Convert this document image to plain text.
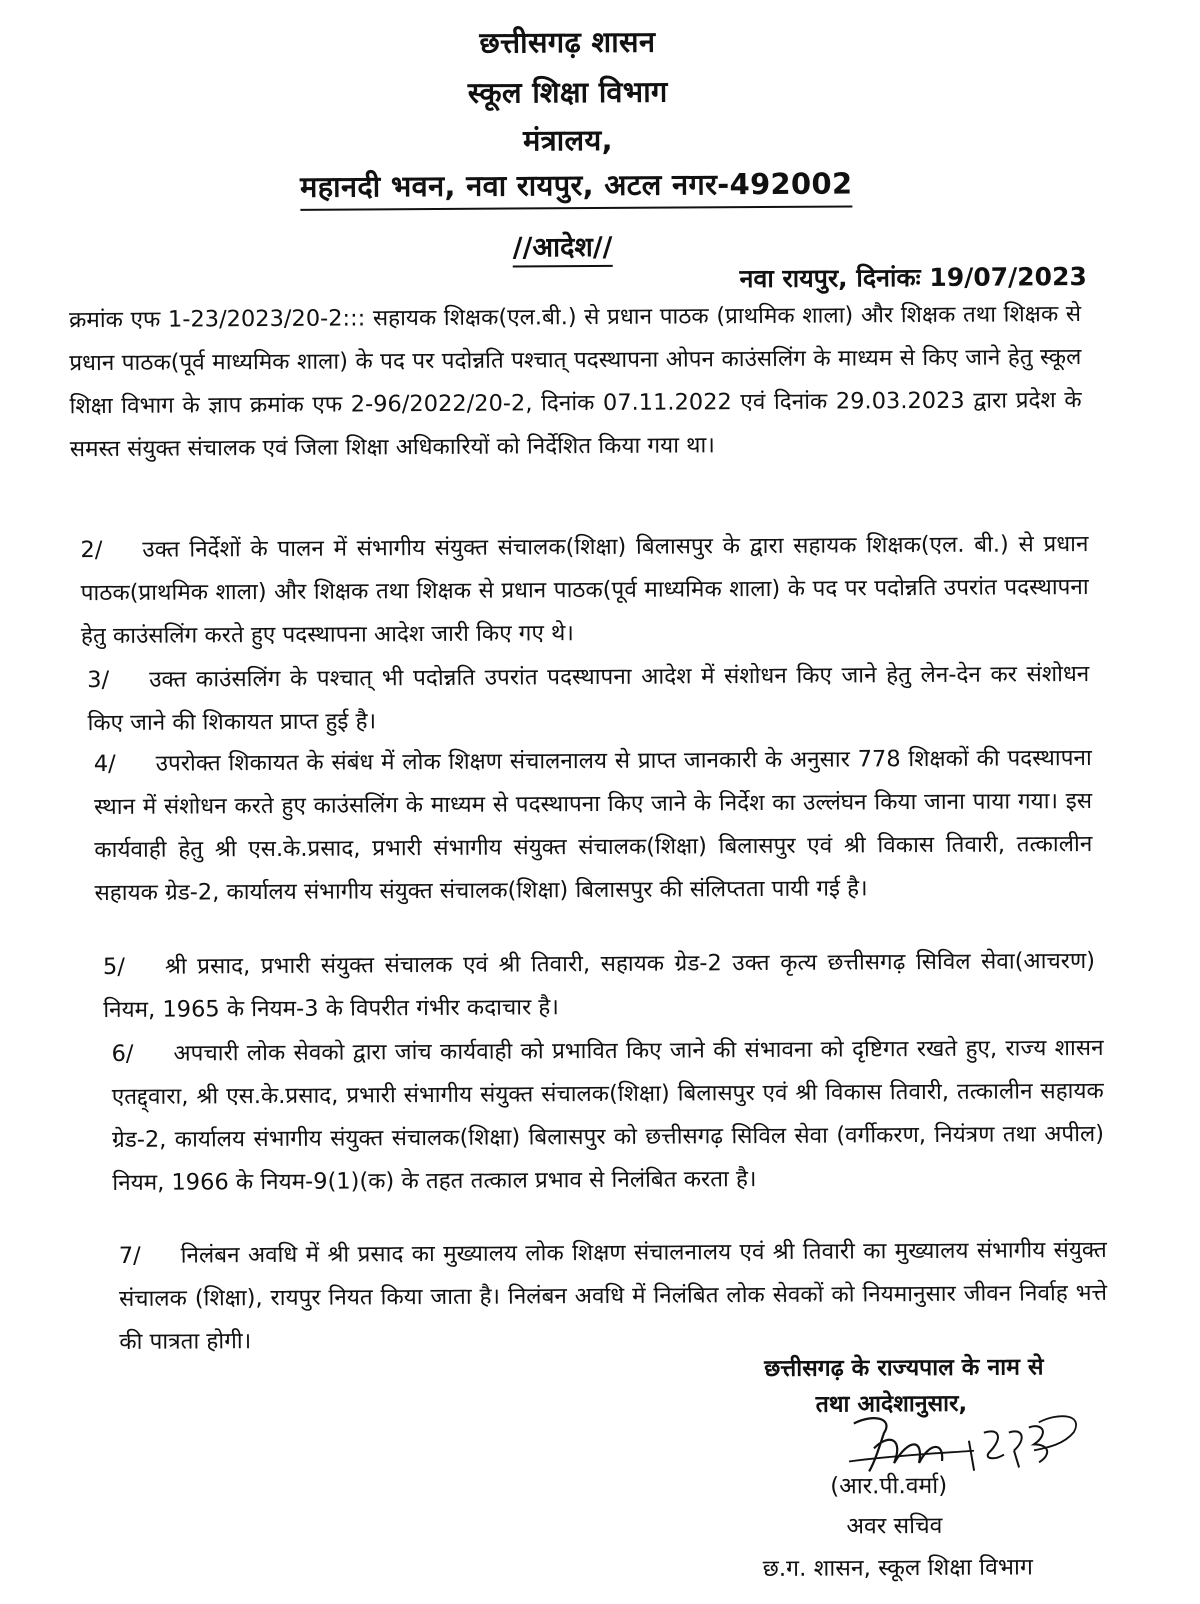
छत्तीसगढ़ शासन
स्कूल शिक्षा विभाग
मंत्रालय,
महानदी भवन, नवा रायपुर, अटल नगर-492002
//आदेश//
नवा रायपुर, दिनांकः 19/07/2023
क्रमांक एफ 1-23/2023/20-2::: सहायक शिक्षक(एल.बी.) से प्रधान पाठक (प्राथमिक शाला) और शिक्षक तथा शिक्षक से प्रधान पाठक(पूर्व माध्यमिक शाला) के पद पर पदोन्नति पश्चात् पदस्थापना ओपन काउंसलिंग के माध्यम से किए जाने हेतु स्कूल शिक्षा विभाग के ज्ञाप क्रमांक एफ 2-96/2022/20-2, दिनांक 07.11.2022 एवं दिनांक 29.03.2023 द्वारा प्रदेश के समस्त संयुक्त संचालक एवं जिला शिक्षा अधिकारियों को निर्देशित किया गया था।
2/ उक्त निर्देशों के पालन में संभागीय संयुक्त संचालक(शिक्षा) बिलासपुर के द्वारा सहायक शिक्षक(एल. बी.) से प्रधान पाठक(प्राथमिक शाला) और शिक्षक तथा शिक्षक से प्रधान पाठक(पूर्व माध्यमिक शाला) के पद पर पदोन्नति उपरांत पदस्थापना हेतु काउंसलिंग करते हुए पदस्थापना आदेश जारी किए गए थे।
3/ उक्त काउंसलिंग के पश्चात् भी पदोन्नति उपरांत पदस्थापना आदेश में संशोधन किए जाने हेतु लेन-देन कर संशोधन किए जाने की शिकायत प्राप्त हुई है।
4/ उपरोक्त शिकायत के संबंध में लोक शिक्षण संचालनालय से प्राप्त जानकारी के अनुसार 778 शिक्षकों की पदस्थापना स्थान में संशोधन करते हुए काउंसलिंग के माध्यम से पदस्थापना किए जाने के निर्देश का उल्लंघन किया जाना पाया गया। इस कार्यवाही हेतु श्री एस.के.प्रसाद, प्रभारी संभागीय संयुक्त संचालक(शिक्षा) बिलासपुर एवं श्री विकास तिवारी, तत्कालीन सहायक ग्रेड-2, कार्यालय संभागीय संयुक्त संचालक(शिक्षा) बिलासपुर की संलिप्तता पायी गई है।
5/ श्री प्रसाद, प्रभारी संयुक्त संचालक एवं श्री तिवारी, सहायक ग्रेड-2 उक्त कृत्य छत्तीसगढ़ सिविल सेवा(आचरण) नियम, 1965 के नियम-3 के विपरीत गंभीर कदाचार है।
6/ अपचारी लोक सेवको द्वारा जांच कार्यवाही को प्रभावित किए जाने की संभावना को दृष्टिगत रखते हुए, राज्य शासन एतद्द्वारा, श्री एस.के.प्रसाद, प्रभारी संभागीय संयुक्त संचालक(शिक्षा) बिलासपुर एवं श्री विकास तिवारी, तत्कालीन सहायक ग्रेड-2, कार्यालय संभागीय संयुक्त संचालक(शिक्षा) बिलासपुर को छत्तीसगढ़ सिविल सेवा (वर्गीकरण, नियंत्रण तथा अपील) नियम, 1966 के नियम-9(1)(क) के तहत तत्काल प्रभाव से निलंबित करता है।
7/ निलंबन अवधि में श्री प्रसाद का मुख्यालय लोक शिक्षण संचालनालय एवं श्री तिवारी का मुख्यालय संभागीय संयुक्त संचालक (शिक्षा), रायपुर नियत किया जाता है। निलंबन अवधि में निलंबित लोक सेवकों को नियमानुसार जीवन निर्वाह भत्ते की पात्रता होगी।
छत्तीसगढ़ के राज्यपाल के नाम से
तथा आदेशानुसार,
(आर.पी.वर्मा)
अवर सचिव
छ.ग. शासन, स्कूल शिक्षा विभाग
